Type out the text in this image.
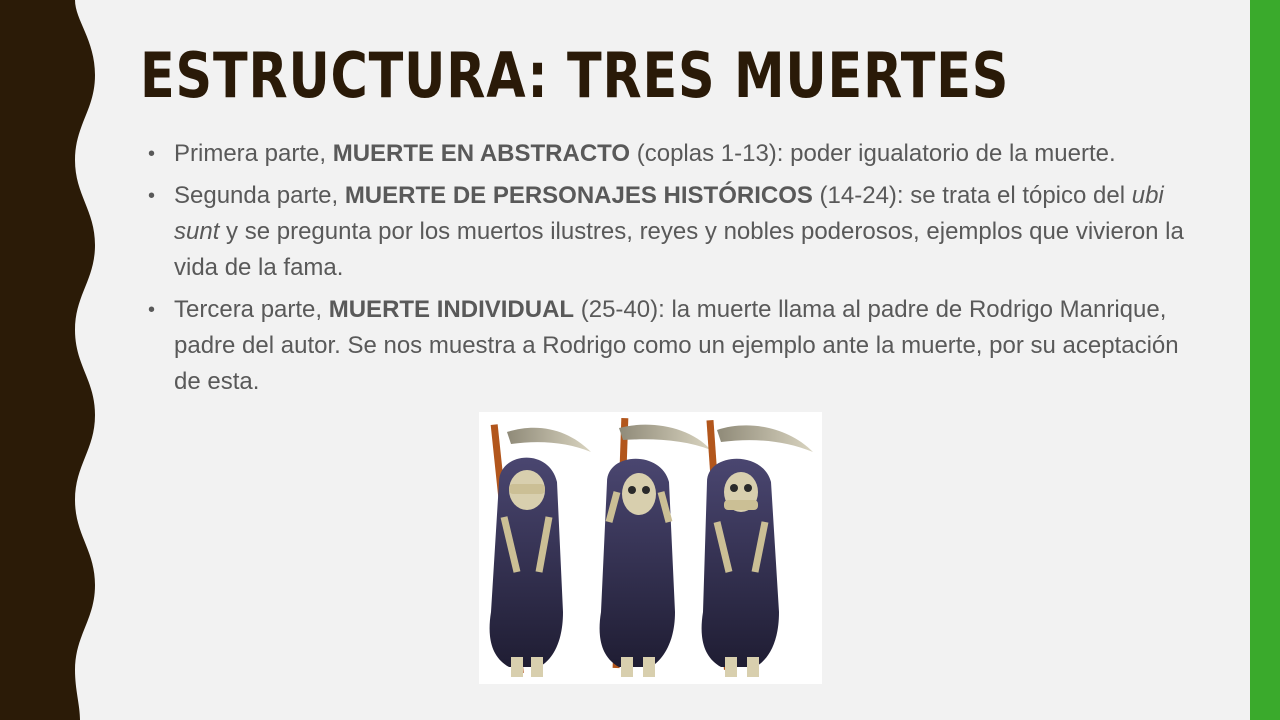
ESTRUCTURA: TRES MUERTES
• Primera parte, MUERTE EN ABSTRACTO (coplas 1-13): poder igualatorio de la muerte.
• Segunda parte, MUERTE DE PERSONAJES HISTÓRICOS (14-24): se trata el tópico del ubi sunt y se pregunta por los muertos ilustres, reyes y nobles poderosos, ejemplos que vivieron la vida de la fama.
• Tercera parte, MUERTE INDIVIDUAL (25-40): la muerte llama al padre de Rodrigo Manrique, padre del autor. Se nos muestra a Rodrigo como un ejemplo ante la muerte, por su aceptación de esta.
